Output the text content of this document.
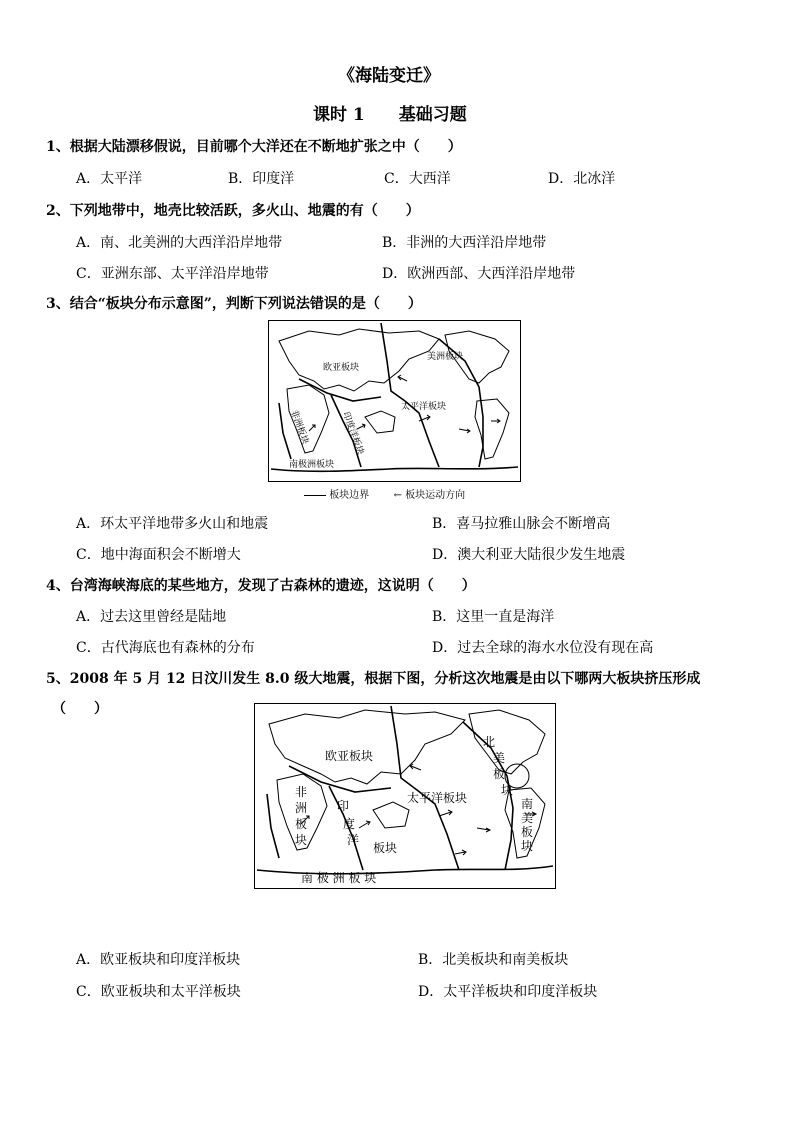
《海陆变迁》
课时 1　　基础习题
1、根据大陆漂移假说，目前哪个大洋还在不断地扩张之中（　　）
A．太平洋	B．印度洋	C．大西洋	D．北冰洋
2、下列地带中，地壳比较活跃，多火山、地震的有（　　）
A．南、北美洲的大西洋沿岸地带	B．非洲的大西洋沿岸地带
C．亚洲东部、太平洋沿岸地带	D．欧洲西部、大西洋沿岸地带
3、结合“板块分布示意图”，判断下列说法错误的是（　　）
欧亚板块
美洲板块
非洲板块	印度洋板块
太平洋板块
南极洲板块
板块边界 ← 板块运动方向
A．环太平洋地带多火山和地震	B．喜马拉雅山脉会不断增高
C．地中海面积会不断增大	D．澳大利亚大陆很少发生地震
4、台湾海峡海底的某些地方，发现了古森林的遗迹，这说明（　　）
A．过去这里曾经是陆地	B．这里一直是海洋
C．古代海底也有森林的分布	D．过去全球的海水水位没有现在高
5、2008 年 5 月 12 日汶川发生 8.0 级大地震，根据下图，分析这次地震是由以下哪两大板块挤压形成
（　　）
欧亚板块
北
美
板
块
非
洲
板
块
印
度
洋
板块
太平洋板块	南
美
板
块
南 极 洲 板 块
A．欧亚板块和印度洋板块	B．北美板块和南美板块
C．欧亚板块和太平洋板块	D．太平洋板块和印度洋板块
